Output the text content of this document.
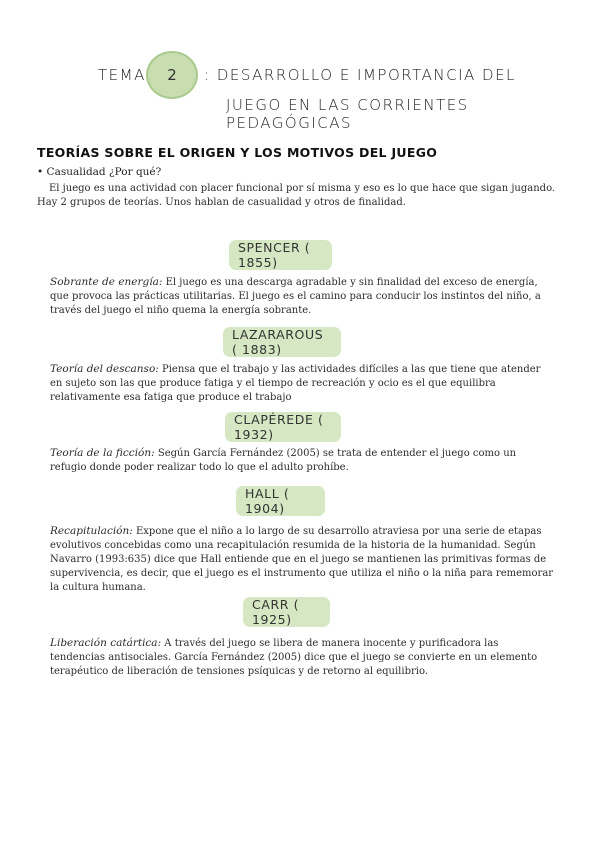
TEMA	2	: DESARROLLO E IMPORTANCIA DEL
JUEGO EN LAS CORRIENTES PEDAGÓGICAS
TEORÍAS SOBRE EL ORIGEN Y LOS MOTIVOS DEL JUEGO
• Casualidad ¿Por qué?

El juego es una actividad con placer funcional por sí misma y eso es lo que hace que sigan jugando. Hay 2 grupos de teorías. Unos hablan de casualidad y otros de finalidad.

SPENCER ( 1855)

Sobrante de energía: El juego es una descarga agradable y sin finalidad del exceso de energía, que provoca las prácticas utilitarias. El juego es el camino para conducir los instintos del niño, a través del juego el niño quema la energía sobrante.

LAZARAROUS ( 1883)

Teoría del descanso: Piensa que el trabajo y las actividades difíciles a las que tiene que atender en sujeto son las que produce fatiga y el tiempo de recreación y ocio es el que equilibra relativamente esa fatiga que produce el trabajo

CLAPÉREDE ( 1932)

Teoría de la ficción: Según García Fernández (2005) se trata de entender el juego como un refugio donde poder realizar todo lo que el adulto prohíbe.

HALL ( 1904)

Recapitulación: Expone que el niño a lo largo de su desarrollo atraviesa por una serie de etapas evolutivos concebidas como una recapitulación resumida de la historia de la humanidad. Según Navarro (1993:635) dice que Hall entiende que en el juego se mantienen las primitivas formas de supervivencia, es decir, que el juego es el instrumento que utiliza el niño o la niña para rememorar la cultura humana.

CARR ( 1925)

Liberación catártica: A través del juego se libera de manera inocente y purificadora las tendencias antisociales. García Fernández (2005) dice que el juego se convierte en un elemento terapéutico de liberación de tensiones psíquicas y de retorno al equilibrio.
